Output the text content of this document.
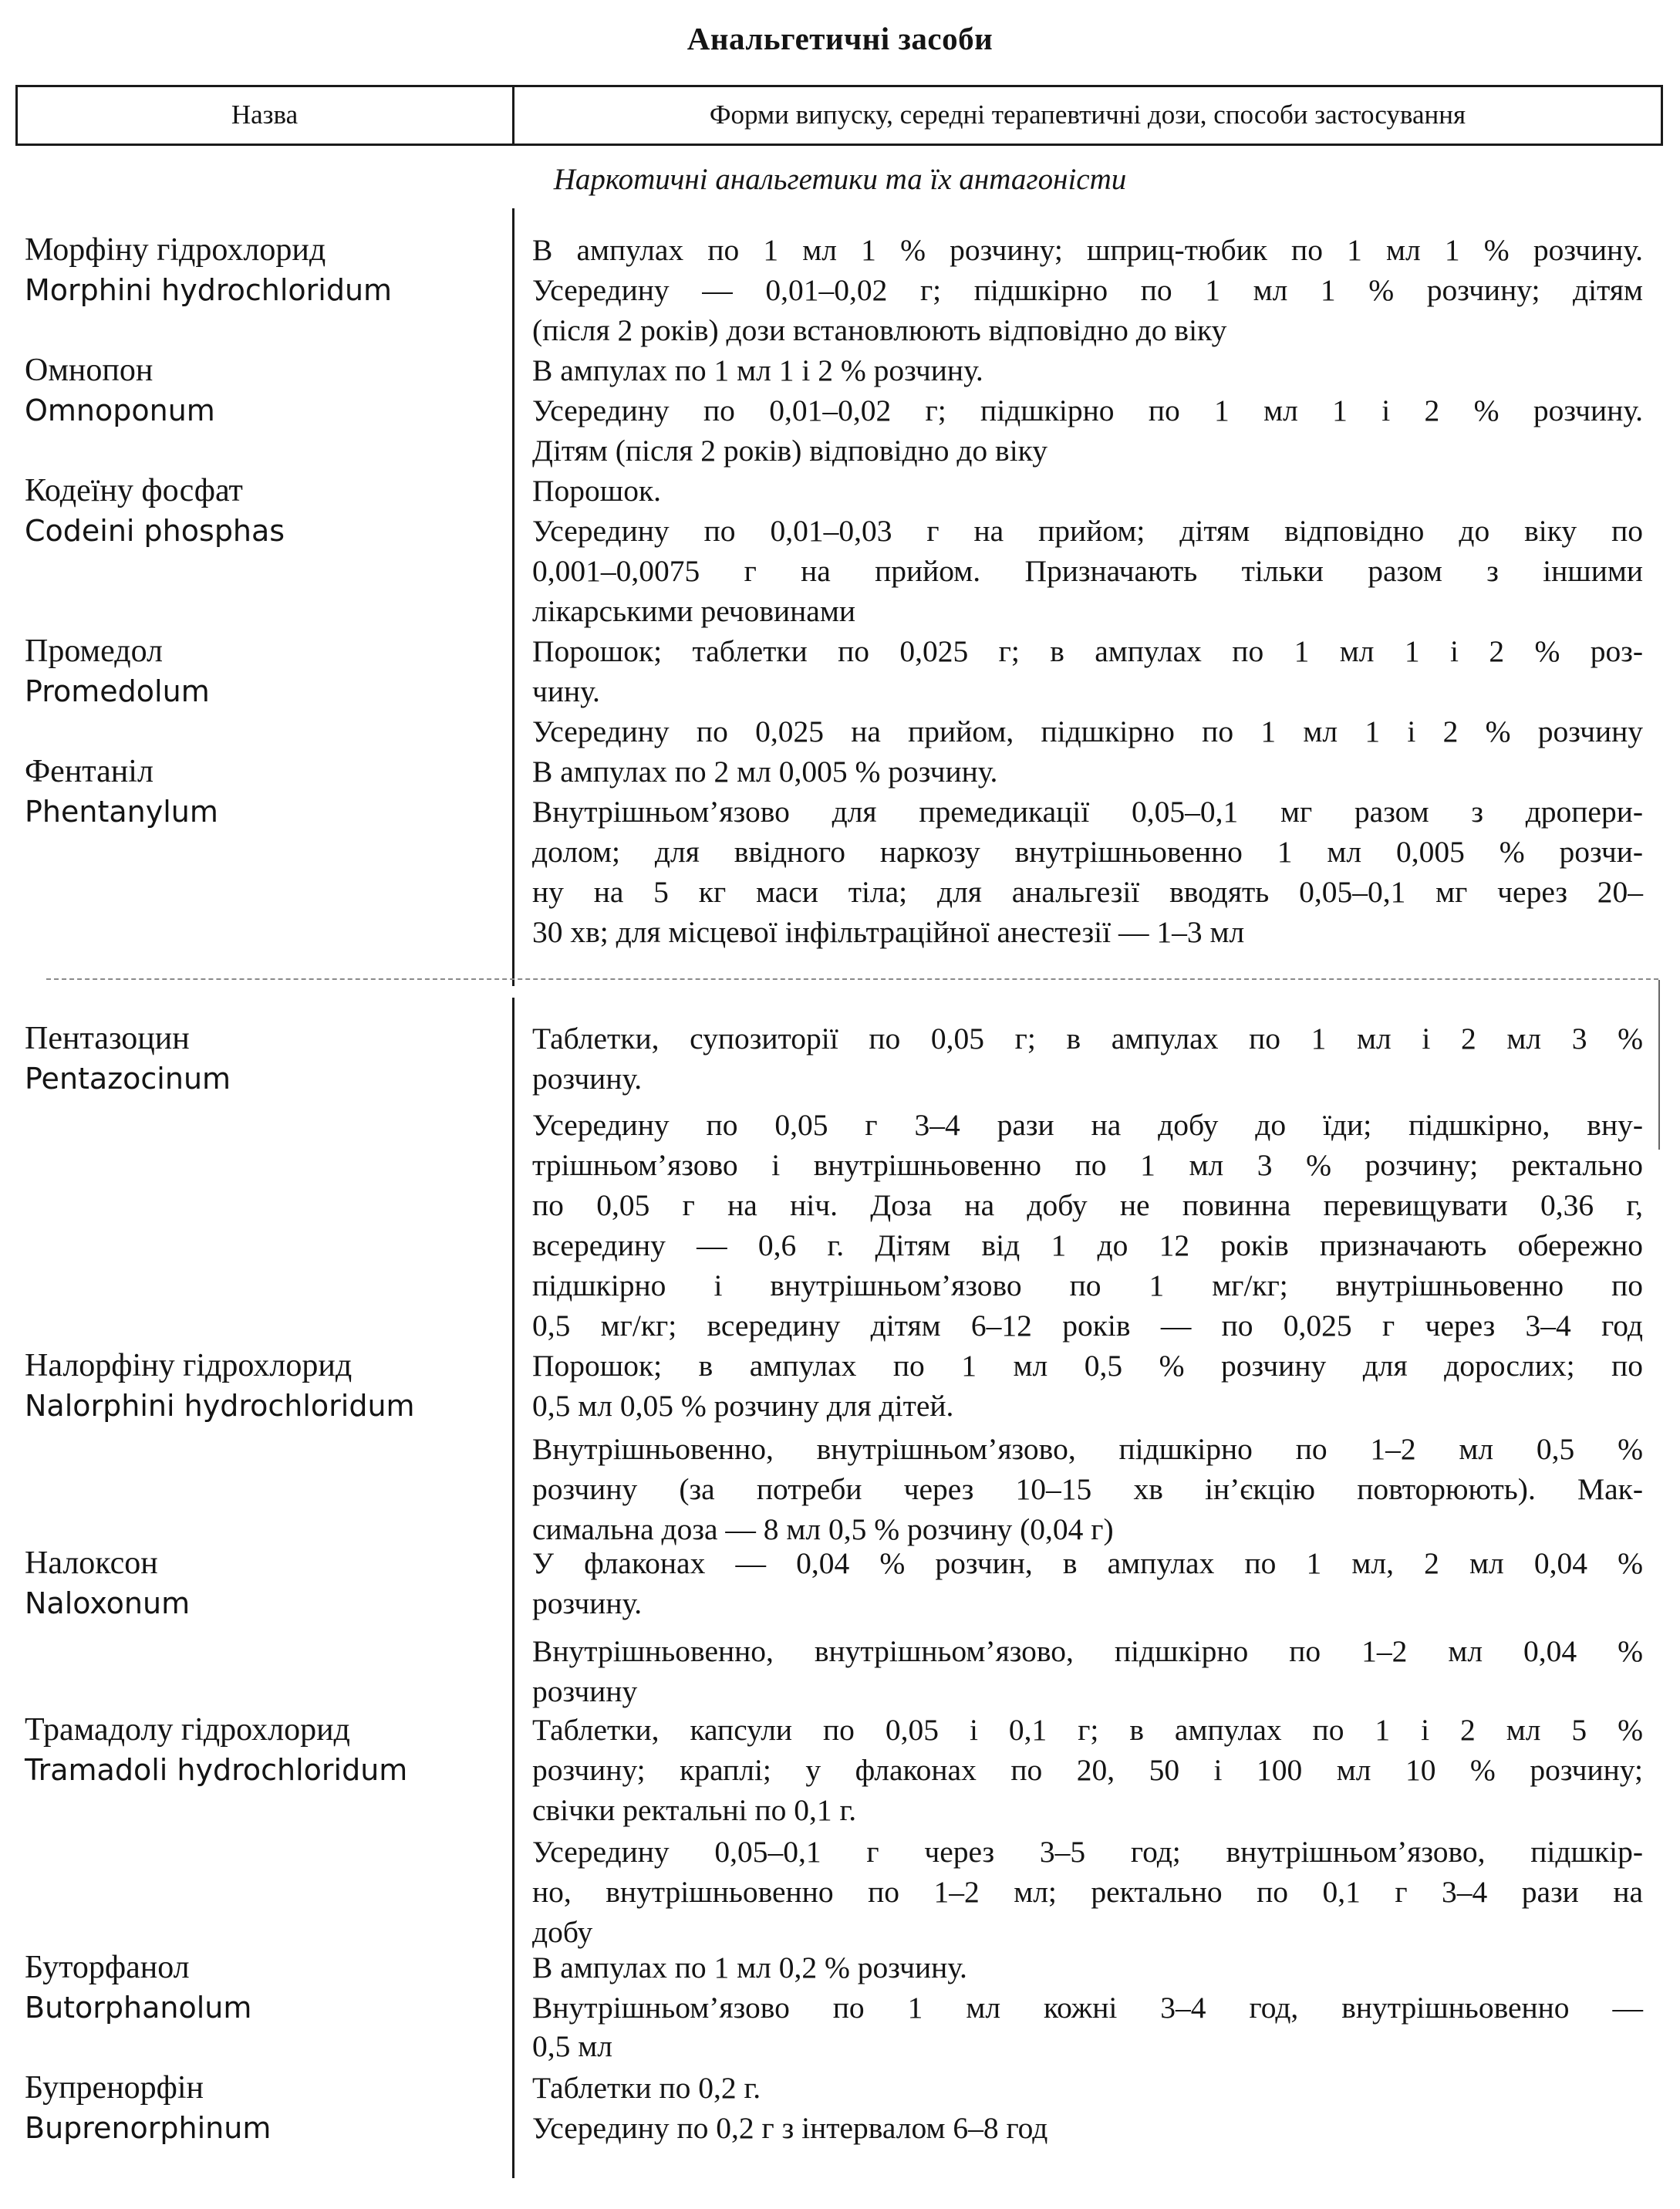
Анальгетичні засоби
Назва	Форми випуску, середні терапевтичні дози, способи застосування
Наркотичні анальгетики та їх антагоністи
Морфіну гідрохлорид
Morphini hydrochloridum
В ампулах по 1 мл 1 % розчину; шприц-тюбик по 1 мл 1 % розчину.
Усередину — 0,01–0,02 г; підшкірно по 1 мл 1 % розчину; дітям
(після 2 років) дози встановлюють відповідно до віку
Омнопон
Omnoponum
В ампулах по 1 мл 1 і 2 % розчину.
Усередину по 0,01–0,02 г; підшкірно по 1 мл 1 і 2 % розчину.
Дітям (після 2 років) відповідно до віку
Кодеїну фосфат
Codeini phosphas
Порошок.
Усередину по 0,01–0,03 г на прийом; дітям відповідно до віку по
0,001–0,0075 г на прийом. Призначають тільки разом з іншими
лікарськими речовинами
Промедол
Promedolum
Порошок; таблетки по 0,025 г; в ампулах по 1 мл 1 і 2 % роз-
чину.
Усередину по 0,025 на прийом, підшкірно по 1 мл 1 і 2 % розчину
Фентаніл
Phentanylum
В ампулах по 2 мл 0,005 % розчину.
Внутрішньом’язово для премедикації 0,05–0,1 мг разом з дропери-
долом; для ввідного наркозу внутрішньовенно 1 мл 0,005 % розчи-
ну на 5 кг маси тіла; для анальгезії вводять 0,05–0,1 мг через 20–
30 хв; для місцевої інфільтраційної анестезії — 1–3 мл
Пентазоцин
Pentazocinum
Таблетки, супозиторії по 0,05 г; в ампулах по 1 мл і 2 мл 3 %
розчину.
Усередину по 0,05 г 3–4 рази на добу до їди; підшкірно, вну-
трішньом’язово і внутрішньовенно по 1 мл 3 % розчину; ректально
по 0,05 г на ніч. Доза на добу не повинна перевищувати 0,36 г,
всередину — 0,6 г. Дітям від 1 до 12 років призначають обережно
підшкірно і внутрішньом’язово по 1 мг/кг; внутрішньовенно по
0,5 мг/кг; всередину дітям 6–12 років — по 0,025 г через 3–4 год
Налорфіну гідрохлорид
Nalorphini hydrochloridum
Порошок; в ампулах по 1 мл 0,5 % розчину для дорослих; по
0,5 мл 0,05 % розчину для дітей.
Внутрішньовенно, внутрішньом’язово, підшкірно по 1–2 мл 0,5 %
розчину (за потреби через 10–15 хв ін’єкцію повторюють). Мак-
симальна доза — 8 мл 0,5 % розчину (0,04 г)
Налоксон
Naloxonum
У флаконах — 0,04 % розчин, в ампулах по 1 мл, 2 мл 0,04 %
розчину.
Внутрішньовенно, внутрішньом’язово, підшкірно по 1–2 мл 0,04 %
розчину
Трамадолу гідрохлорид
Tramadoli hydrochloridum
Таблетки, капсули по 0,05 і 0,1 г; в ампулах по 1 і 2 мл 5 %
розчину; краплі; у флаконах по 20, 50 і 100 мл 10 % розчину;
свічки ректальні по 0,1 г.
Усередину 0,05–0,1 г через 3–5 год; внутрішньом’язово, підшкір-
но, внутрішньовенно по 1–2 мл; ректально по 0,1 г 3–4 рази на
добу
Буторфанол
Butorphanolum
В ампулах по 1 мл 0,2 % розчину.
Внутрішньом’язово по 1 мл кожні 3–4 год, внутрішньовенно —
0,5 мл
Бупренорфін
Buprenorphinum
Таблетки по 0,2 г.
Усередину по 0,2 г з інтервалом 6–8 год
